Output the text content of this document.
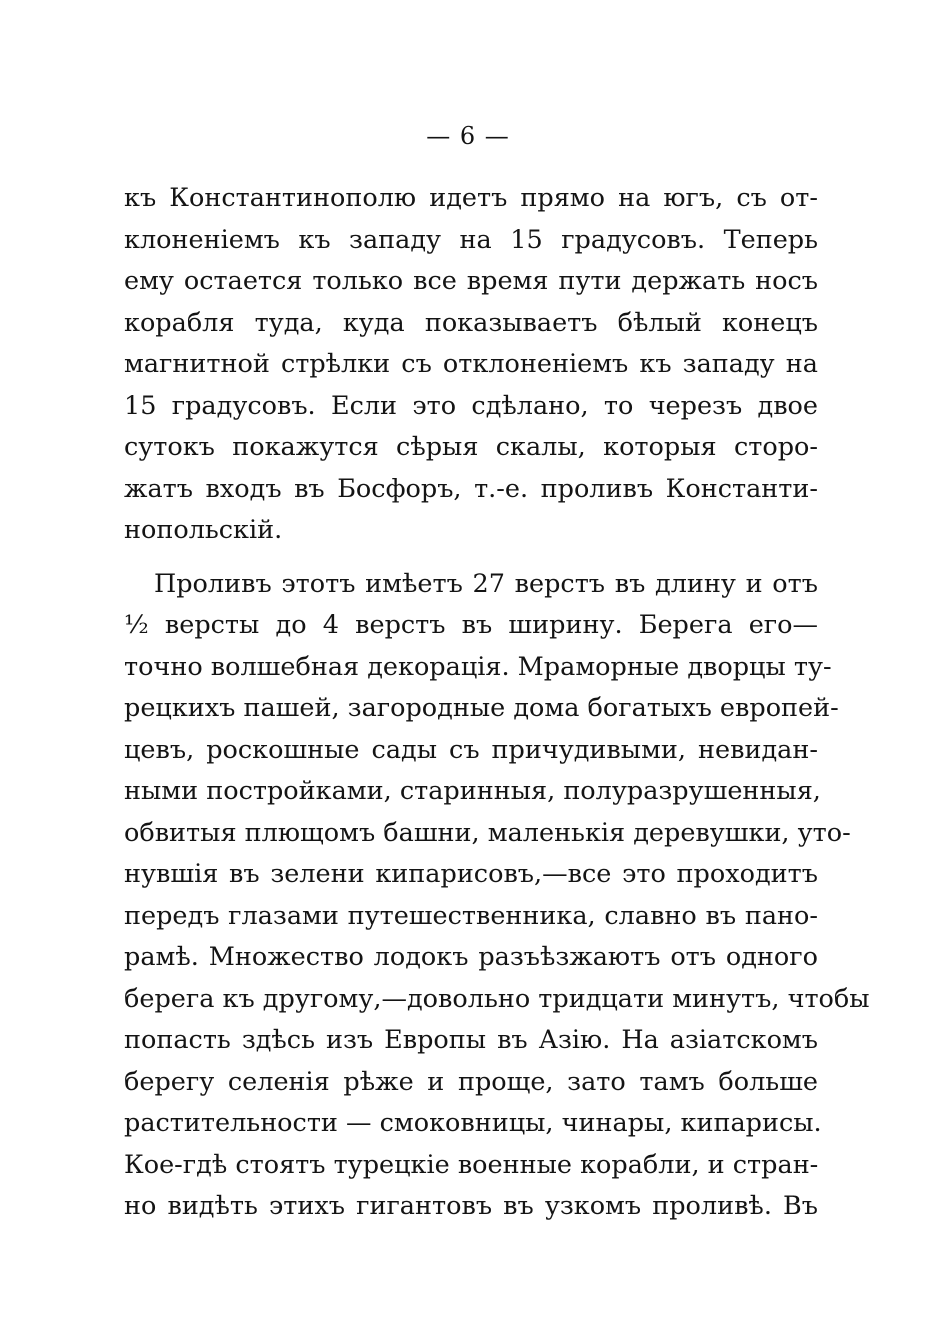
— 6 —
къ Константинополю идетъ прямо на югъ, съ от-
клоненіемъ къ западу на 15 градусовъ. Теперь
ему остается только все время пути держать носъ
корабля туда, куда показываетъ бѣлый конецъ
магнитной стрѣлки съ отклоненіемъ къ западу на
15 градусовъ. Если это сдѣлано, то черезъ двое
сутокъ покажутся сѣрыя скалы, которыя сторо-
жатъ входъ въ Босфоръ, т.-е. проливъ Константи-
нопольскій.
Проливъ этотъ имѣетъ 27 верстъ въ длину и отъ
½ версты до 4 верстъ въ ширину. Берега его—
точно волшебная декорація. Мраморные дворцы ту-
рецкихъ пашей, загородные дома богатыхъ европей-
цевъ, роскошные сады съ причудивыми, невидан-
ными постройками, старинныя, полуразрушенныя,
обвитыя плющомъ башни, маленькія деревушки, уто-
нувшія въ зелени кипарисовъ,—все это проходитъ
передъ глазами путешественника, славно въ пано-
рамѣ. Множество лодокъ разъѣзжаютъ отъ одного
берега къ другому,—довольно тридцати минутъ, чтобы
попасть здѣсь изъ Европы въ Азію. На азіатскомъ
берегу селенія рѣже и проще, зато тамъ больше
растительности — смоковницы, чинары, кипарисы.
Кое-гдѣ стоятъ турецкіе военные корабли, и стран-
но видѣть этихъ гигантовъ въ узкомъ проливѣ. Въ
